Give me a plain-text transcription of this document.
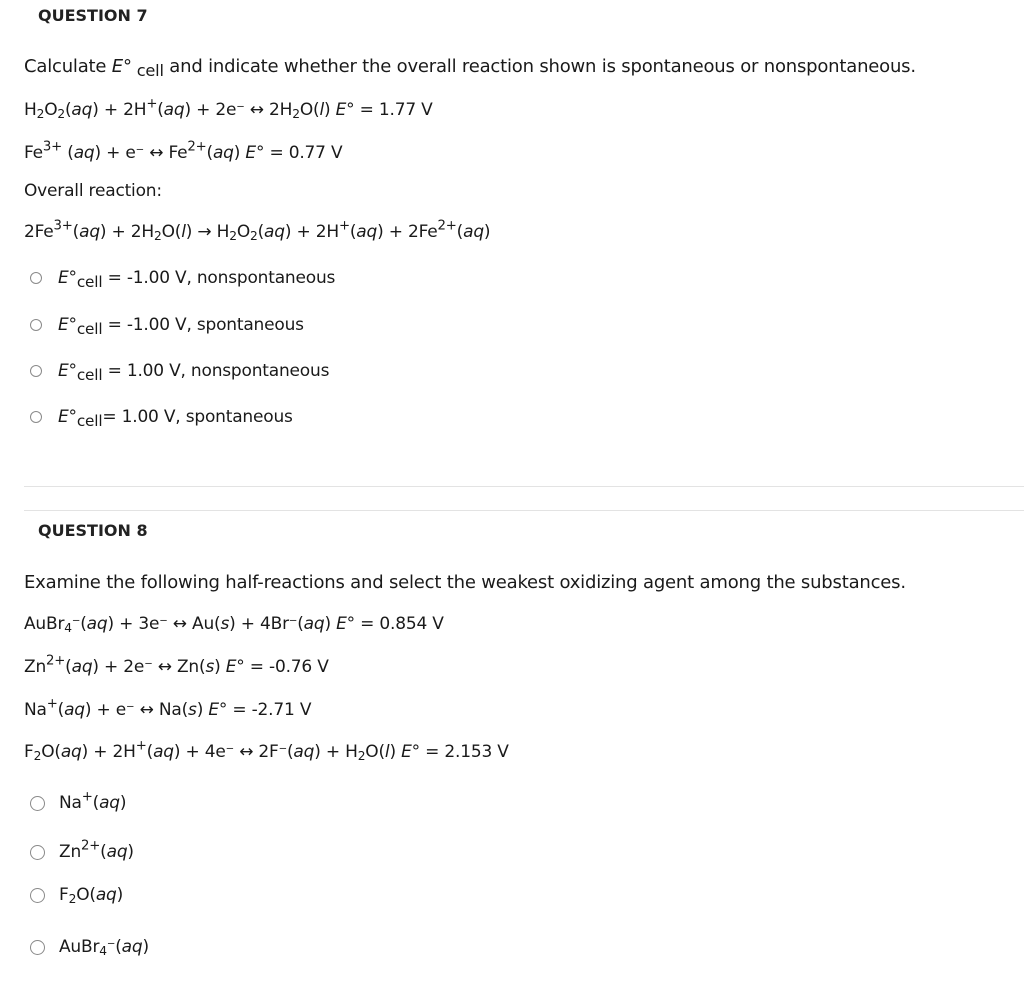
QUESTION 7
Calculate E° $_{cell}$ and indicate whether the overall reaction shown is spontaneous or nonspontaneous.
$H_2O_2(aq) + 2H^+(aq) + 2e^-$ ↔ $2H_2O(l) E^\circ = 1.77$ V
$Fe^{3+}$ (aq) + e− ↔ $Fe^{2+}(aq) E^\circ = 0.77$ V
Overall reaction:
$2Fe^{3+}(aq) + 2H_2O(l) \to H_2O_2(aq) + 2H^+(aq) + 2Fe^{2+}(aq)$
$E^\circ_{cell} = -1.00$ V, nonspontaneous
$E^\circ_{cell} = -1.00$ V, spontaneous
$E^\circ_{cell} = 1.00$ V, nonspontaneous
$E^\circ_{cell}= 1.00$ V, spontaneous
QUESTION 8
Examine the following half-reactions and select the weakest oxidizing agent among the substances.
AuBr$_4$−(aq) + 3e− ↔ Au(s) + 4Br−(aq) E° = 0.854 V
$Zn^{2+}(aq) + 2e^-$ ↔ Zn(s) E° = -0.76 V
Na+(aq) + e− ↔ Na(s) E° = -2.71 V
$F_2O(aq) + 2H^+(aq) + 4e^-$ ↔ $2F^-(aq) + H_2O(l) E^\circ = 2.153$ V
Na+(aq)
$Zn^{2+}(aq)$
$F_2O(aq)$
AuBr$_4$−(aq)
